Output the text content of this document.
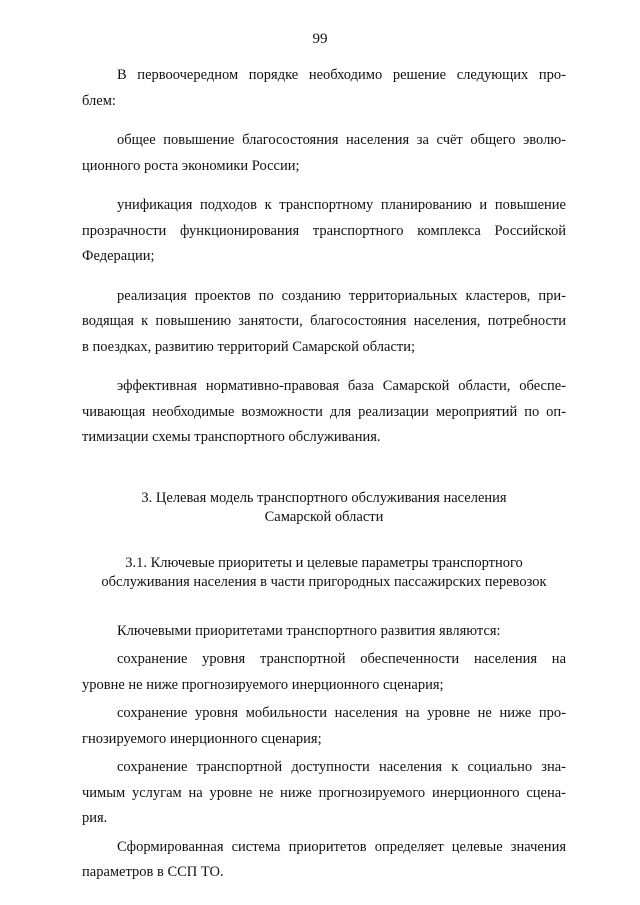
99
В первоочередном порядке необходимо решение следующих про-
блем:
общее повышение благосостояния населения за счёт общего эволю-
ционного роста экономики России;
унификация подходов к транспортному планированию и повышение
прозрачности функционирования транспортного комплекса Российской
Федерации;
реализация проектов по созданию территориальных кластеров, при-
водящая к повышению занятости, благосостояния населения, потребности
в поездках, развитию территорий Самарской области;
эффективная нормативно-правовая база Самарской области, обеспе-
чивающая необходимые возможности для реализации мероприятий по оп-
тимизации схемы транспортного обслуживания.
3. Целевая модель транспортного обслуживания населения
Самарской области
3.1. Ключевые приоритеты и целевые параметры транспортного
обслуживания населения в части пригородных пассажирских перевозок
Ключевыми приоритетами транспортного развития являются:
сохранение уровня транспортной обеспеченности населения на
уровне не ниже прогнозируемого инерционного сценария;
сохранение уровня мобильности населения на уровне не ниже про-
гнозируемого инерционного сценария;
сохранение транспортной доступности населения к социально зна-
чимым услугам на уровне не ниже прогнозируемого инерционного сцена-
рия.
Сформированная система приоритетов определяет целевые значения
параметров в ССП ТО.
